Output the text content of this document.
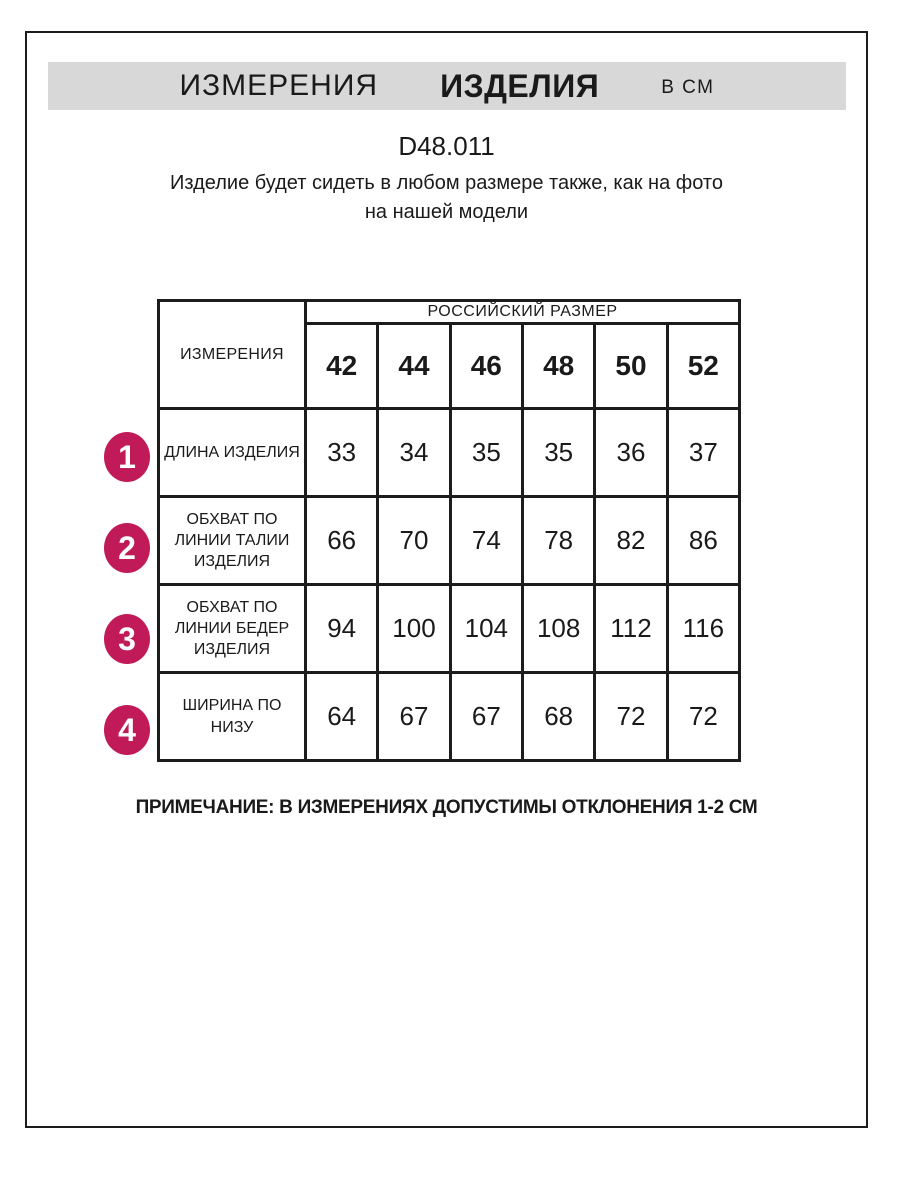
ИЗМЕРЕНИЯ ИЗДЕЛИЯ	В СМ
D48.011
Изделие будет сидеть в любом размере также, как на фото
на нашей модели
1
2
3
4
ИЗМЕРЕНИЯ	РОССИЙСКИЙ РАЗМЕР					
	42	44	46	48	50	52

ДЛИНА ИЗДЕЛИЯ	33	34	35	35	36	37

ОБХВАТ ПО
ЛИНИИ ТАЛИИ
ИЗДЕЛИЯ	66	70	74	78	82	86

ОБХВАТ ПО
ЛИНИИ БЕДЕР
ИЗДЕЛИЯ	94	100	104	108	112	116

ШИРИНА ПО
НИЗУ	64	67	67	68	72	72
ПРИМЕЧАНИЕ: В ИЗМЕРЕНИЯХ ДОПУСТИМЫ ОТКЛОНЕНИЯ 1-2 СМ
